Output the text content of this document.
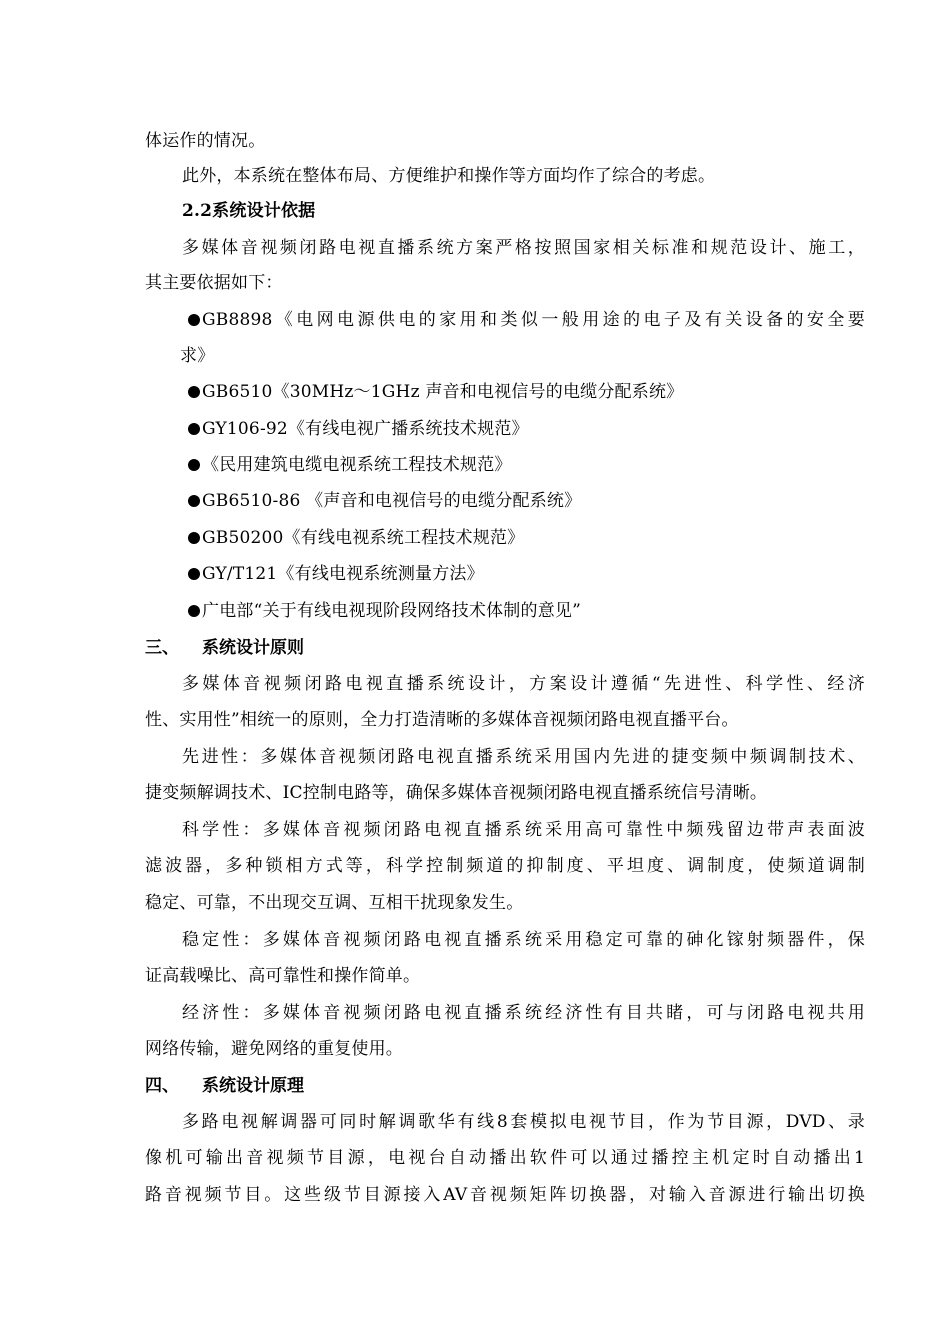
体运作的情况。
此外，本系统在整体布局、方便维护和操作等方面均作了综合的考虑。
2.2系统设计依据
多媒体音视频闭路电视直播系统方案严格按照国家相关标准和规范设计、施工，
其主要依据如下：
GB8898《电网电源供电的家用和类似一般用途的电子及有关设备的安全要
求》
GB6510《30MHz～1GHz 声音和电视信号的电缆分配系统》
GY106-92《有线电视广播系统技术规范》
《民用建筑电缆电视系统工程技术规范》
GB6510-86 《声音和电视信号的电缆分配系统》
GB50200《有线电视系统工程技术规范》
GY/T121《有线电视系统测量方法》
广电部“关于有线电视现阶段网络技术体制的意见”
三、 系统设计原则
多媒体音视频闭路电视直播系统设计，方案设计遵循“先进性、科学性、经济
性、实用性”相统一的原则，全力打造清晰的多媒体音视频闭路电视直播平台。
先进性：多媒体音视频闭路电视直播系统采用国内先进的捷变频中频调制技术、
捷变频解调技术、IC控制电路等，确保多媒体音视频闭路电视直播系统信号清晰。
科学性：多媒体音视频闭路电视直播系统采用高可靠性中频残留边带声表面波
滤波器，多种锁相方式等，科学控制频道的抑制度、平坦度、调制度，使频道调制
稳定、可靠，不出现交互调、互相干扰现象发生。
稳定性：多媒体音视频闭路电视直播系统采用稳定可靠的砷化镓射频器件，保
证高载噪比、高可靠性和操作简单。
经济性：多媒体音视频闭路电视直播系统经济性有目共睹，可与闭路电视共用
网络传输，避免网络的重复使用。
四、 系统设计原理
多路电视解调器可同时解调歌华有线8套模拟电视节目，作为节目源，DVD、录
像机可输出音视频节目源，电视台自动播出软件可以通过播控主机定时自动播出1
路音视频节目。这些级节目源接入AV音视频矩阵切换器，对输入音源进行输出切换
